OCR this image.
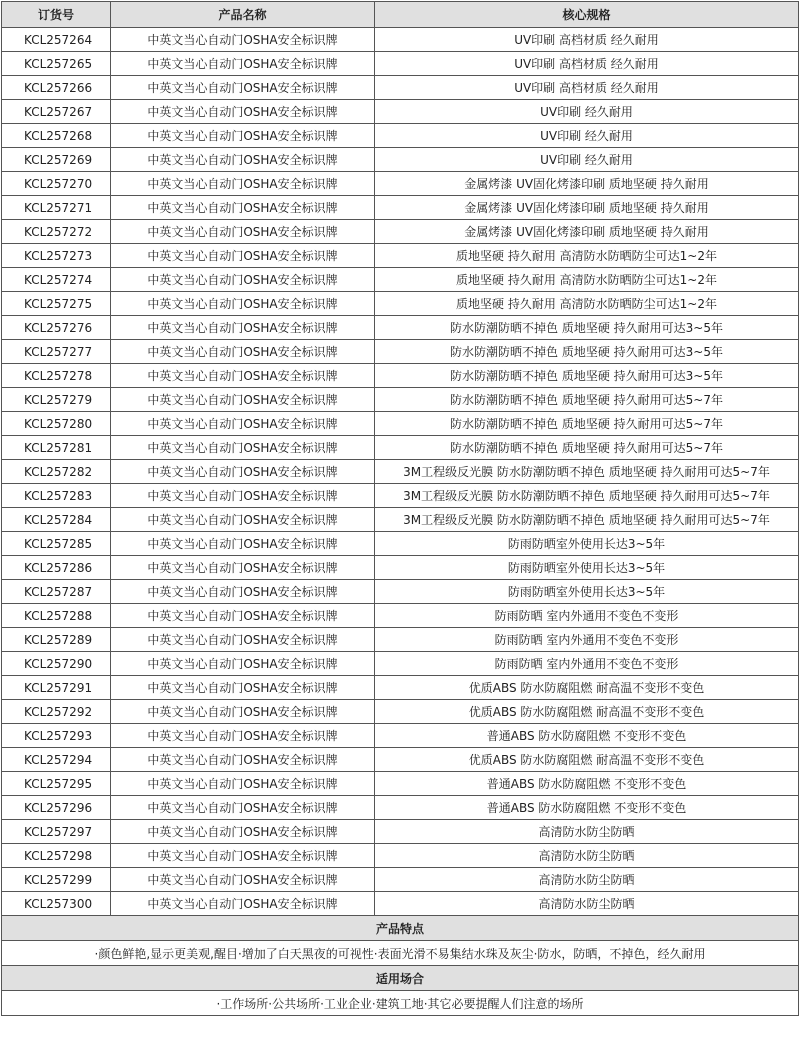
订货号	产品名称	核心规格
KCL257264	中英文当心自动门OSHA安全标识牌	UV印刷 高档材质 经久耐用
KCL257265	中英文当心自动门OSHA安全标识牌	UV印刷 高档材质 经久耐用
KCL257266	中英文当心自动门OSHA安全标识牌	UV印刷 高档材质 经久耐用
KCL257267	中英文当心自动门OSHA安全标识牌	UV印刷 经久耐用
KCL257268	中英文当心自动门OSHA安全标识牌	UV印刷 经久耐用
KCL257269	中英文当心自动门OSHA安全标识牌	UV印刷 经久耐用
KCL257270	中英文当心自动门OSHA安全标识牌	金属烤漆 UV固化烤漆印刷 质地坚硬 持久耐用
KCL257271	中英文当心自动门OSHA安全标识牌	金属烤漆 UV固化烤漆印刷 质地坚硬 持久耐用
KCL257272	中英文当心自动门OSHA安全标识牌	金属烤漆 UV固化烤漆印刷 质地坚硬 持久耐用
KCL257273	中英文当心自动门OSHA安全标识牌	质地坚硬 持久耐用 高清防水防晒防尘可达1~2年
KCL257274	中英文当心自动门OSHA安全标识牌	质地坚硬 持久耐用 高清防水防晒防尘可达1~2年
KCL257275	中英文当心自动门OSHA安全标识牌	质地坚硬 持久耐用 高清防水防晒防尘可达1~2年
KCL257276	中英文当心自动门OSHA安全标识牌	防水防潮防晒不掉色 质地坚硬 持久耐用可达3~5年
KCL257277	中英文当心自动门OSHA安全标识牌	防水防潮防晒不掉色 质地坚硬 持久耐用可达3~5年
KCL257278	中英文当心自动门OSHA安全标识牌	防水防潮防晒不掉色 质地坚硬 持久耐用可达3~5年
KCL257279	中英文当心自动门OSHA安全标识牌	防水防潮防晒不掉色 质地坚硬 持久耐用可达5~7年
KCL257280	中英文当心自动门OSHA安全标识牌	防水防潮防晒不掉色 质地坚硬 持久耐用可达5~7年
KCL257281	中英文当心自动门OSHA安全标识牌	防水防潮防晒不掉色 质地坚硬 持久耐用可达5~7年
KCL257282	中英文当心自动门OSHA安全标识牌	3M工程级反光膜 防水防潮防晒不掉色 质地坚硬 持久耐用可达5~7年
KCL257283	中英文当心自动门OSHA安全标识牌	3M工程级反光膜 防水防潮防晒不掉色 质地坚硬 持久耐用可达5~7年
KCL257284	中英文当心自动门OSHA安全标识牌	3M工程级反光膜 防水防潮防晒不掉色 质地坚硬 持久耐用可达5~7年
KCL257285	中英文当心自动门OSHA安全标识牌	防雨防晒室外使用长达3~5年
KCL257286	中英文当心自动门OSHA安全标识牌	防雨防晒室外使用长达3~5年
KCL257287	中英文当心自动门OSHA安全标识牌	防雨防晒室外使用长达3~5年
KCL257288	中英文当心自动门OSHA安全标识牌	防雨防晒 室内外通用不变色不变形
KCL257289	中英文当心自动门OSHA安全标识牌	防雨防晒 室内外通用不变色不变形
KCL257290	中英文当心自动门OSHA安全标识牌	防雨防晒 室内外通用不变色不变形
KCL257291	中英文当心自动门OSHA安全标识牌	优质ABS 防水防腐阻燃 耐高温不变形不变色
KCL257292	中英文当心自动门OSHA安全标识牌	优质ABS 防水防腐阻燃 耐高温不变形不变色
KCL257293	中英文当心自动门OSHA安全标识牌	普通ABS 防水防腐阻燃 不变形不变色
KCL257294	中英文当心自动门OSHA安全标识牌	优质ABS 防水防腐阻燃 耐高温不变形不变色
KCL257295	中英文当心自动门OSHA安全标识牌	普通ABS 防水防腐阻燃 不变形不变色
KCL257296	中英文当心自动门OSHA安全标识牌	普通ABS 防水防腐阻燃 不变形不变色
KCL257297	中英文当心自动门OSHA安全标识牌	高清防水防尘防晒
KCL257298	中英文当心自动门OSHA安全标识牌	高清防水防尘防晒
KCL257299	中英文当心自动门OSHA安全标识牌	高清防水防尘防晒
KCL257300	中英文当心自动门OSHA安全标识牌	高清防水防尘防晒
产品特点		
·颜色鲜艳,显示更美观,醒目·增加了白天黑夜的可视性·表面光滑不易集结水珠及灰尘·防水，防晒，不掉色，经久耐用		
适用场合		
·工作场所·公共场所·工业企业·建筑工地·其它必要提醒人们注意的场所		
